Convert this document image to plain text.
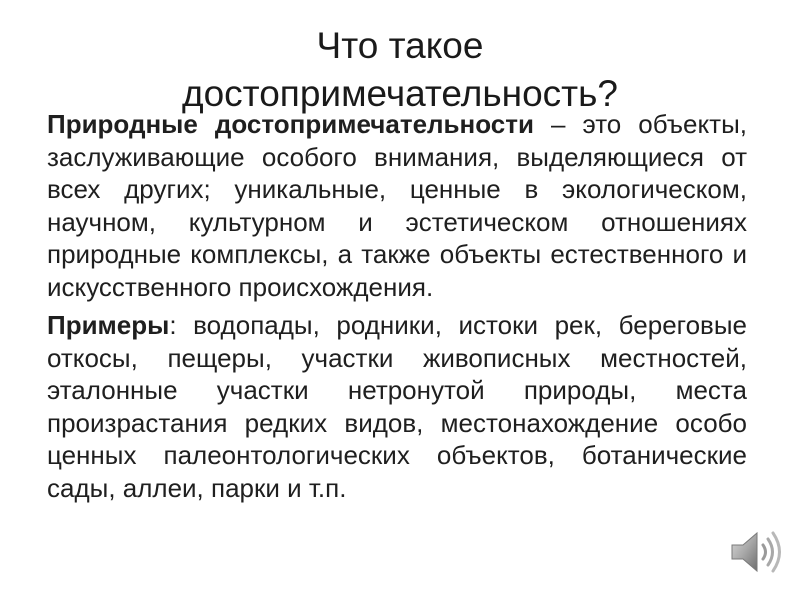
Что такое
достопримечательность?

Природные достопримечательности – это объекты, заслуживающие особого внимания, выделяющиеся от всех других; уникальные, ценные в экологическом, научном, культурном и эстетическом отношениях природные комплексы, а также объекты естественного и искусственного происхождения.

Примеры: водопады, родники, истоки рек, береговые откосы, пещеры, участки живописных местностей, эталонные участки нетронутой природы, места произрастания редких видов, местонахождение особо ценных палеонтологических объектов, ботанические сады, аллеи, парки и т.п.
